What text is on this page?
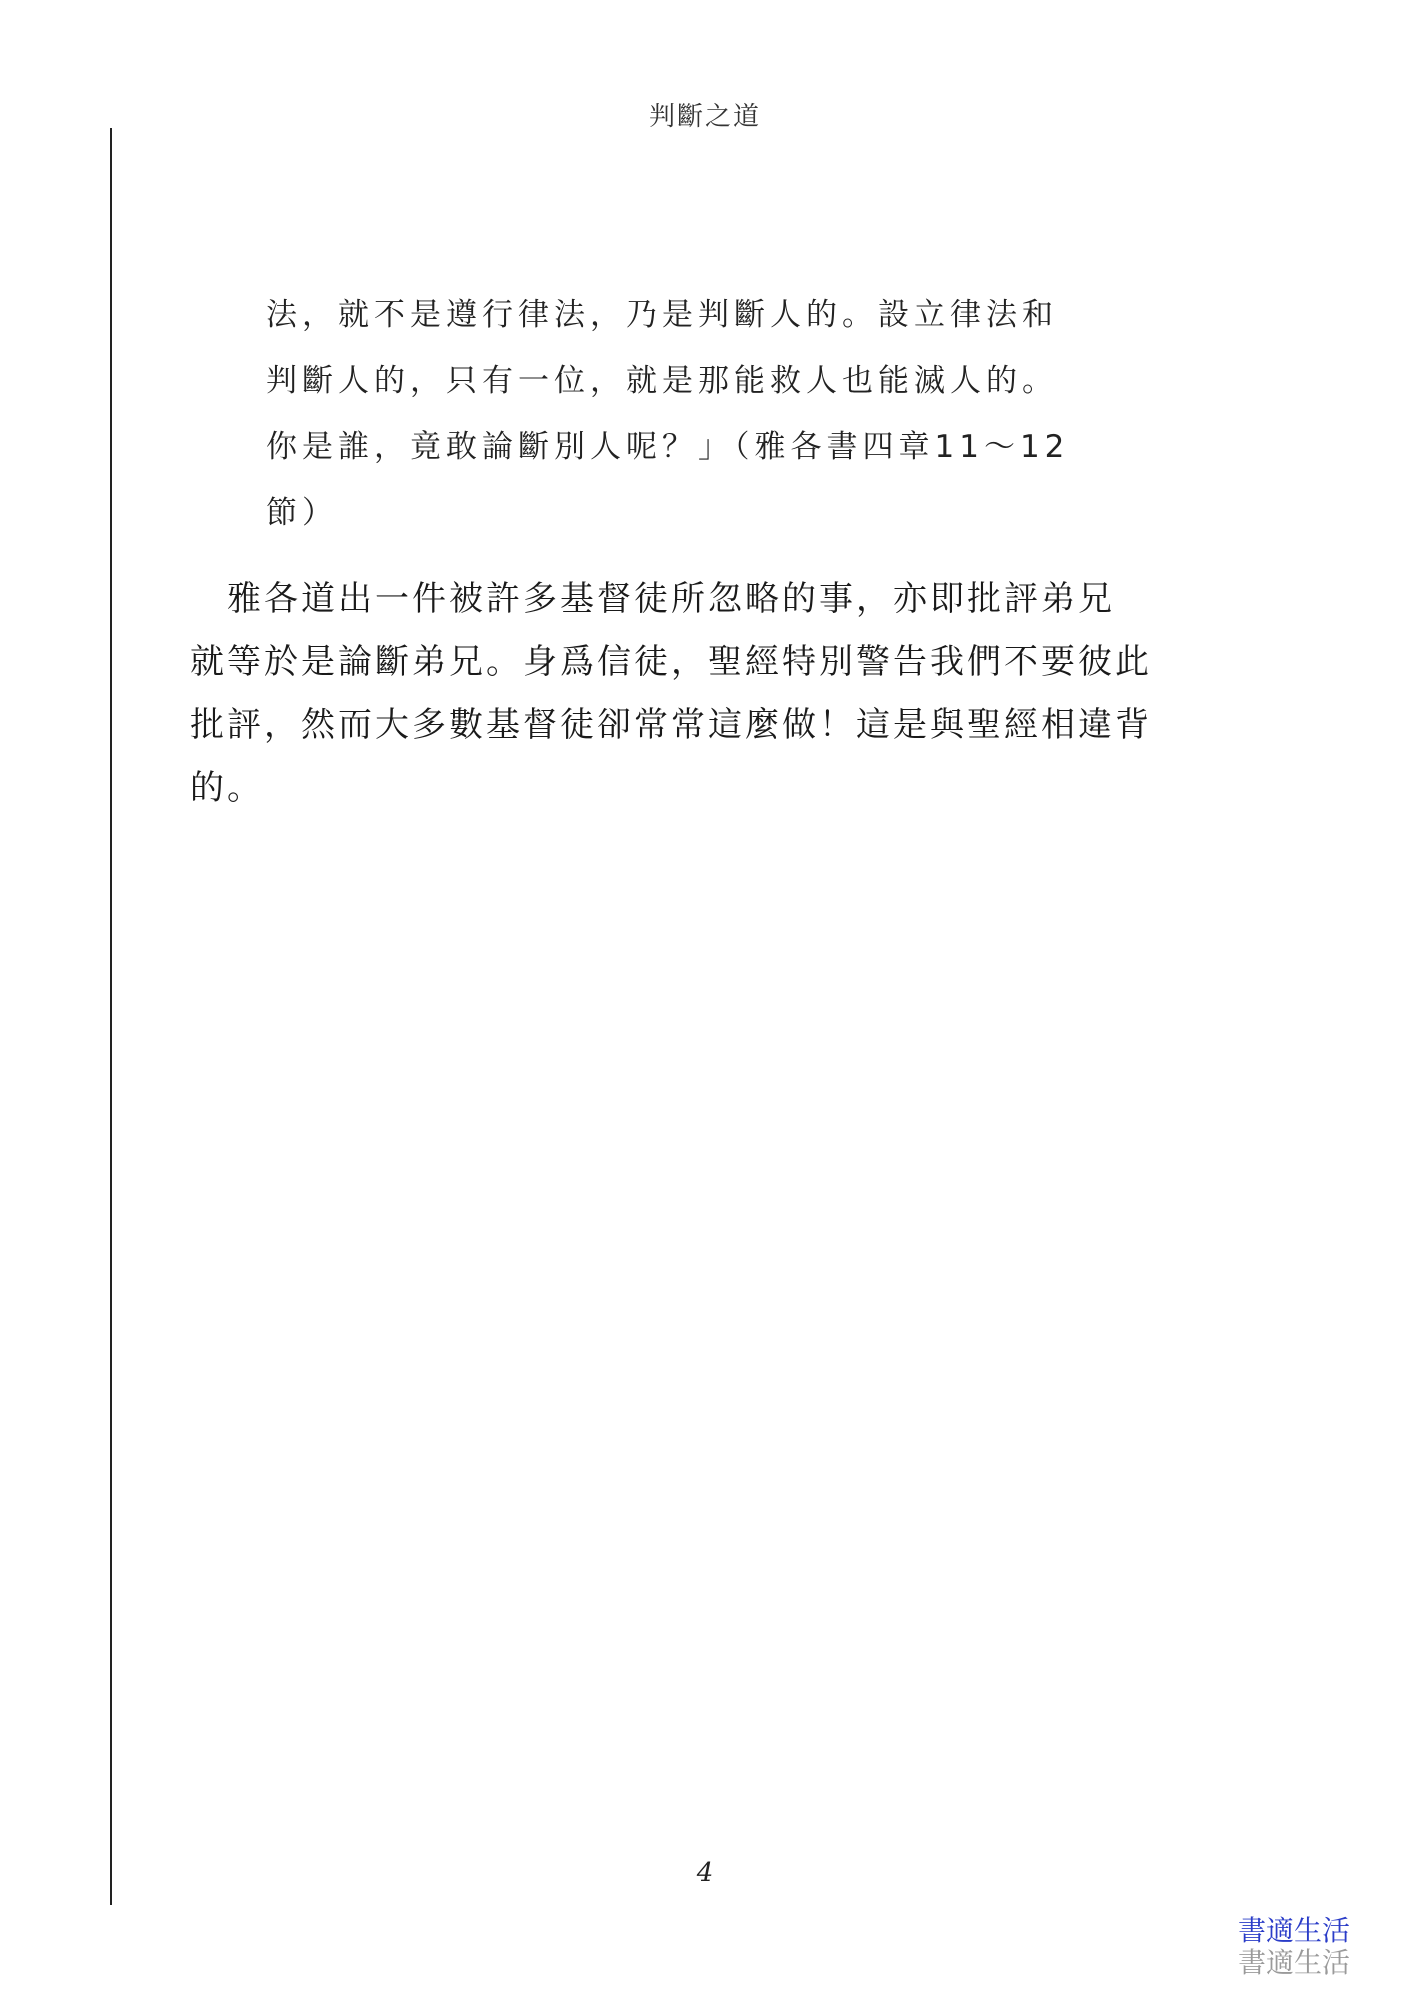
判斷之道
法，就不是遵行律法，乃是判斷人的。設立律法和
判斷人的，只有一位，就是那能救人也能滅人的。
你是誰，竟敢論斷別人呢？」（雅各書四章11～12
節）
　雅各道出一件被許多基督徒所忽略的事，亦即批評弟兄
就等於是論斷弟兄。身爲信徒，聖經特別警告我們不要彼此
批評，然而大多數基督徒卻常常這麼做！這是與聖經相違背
的。
4
書適生活
書適生活
